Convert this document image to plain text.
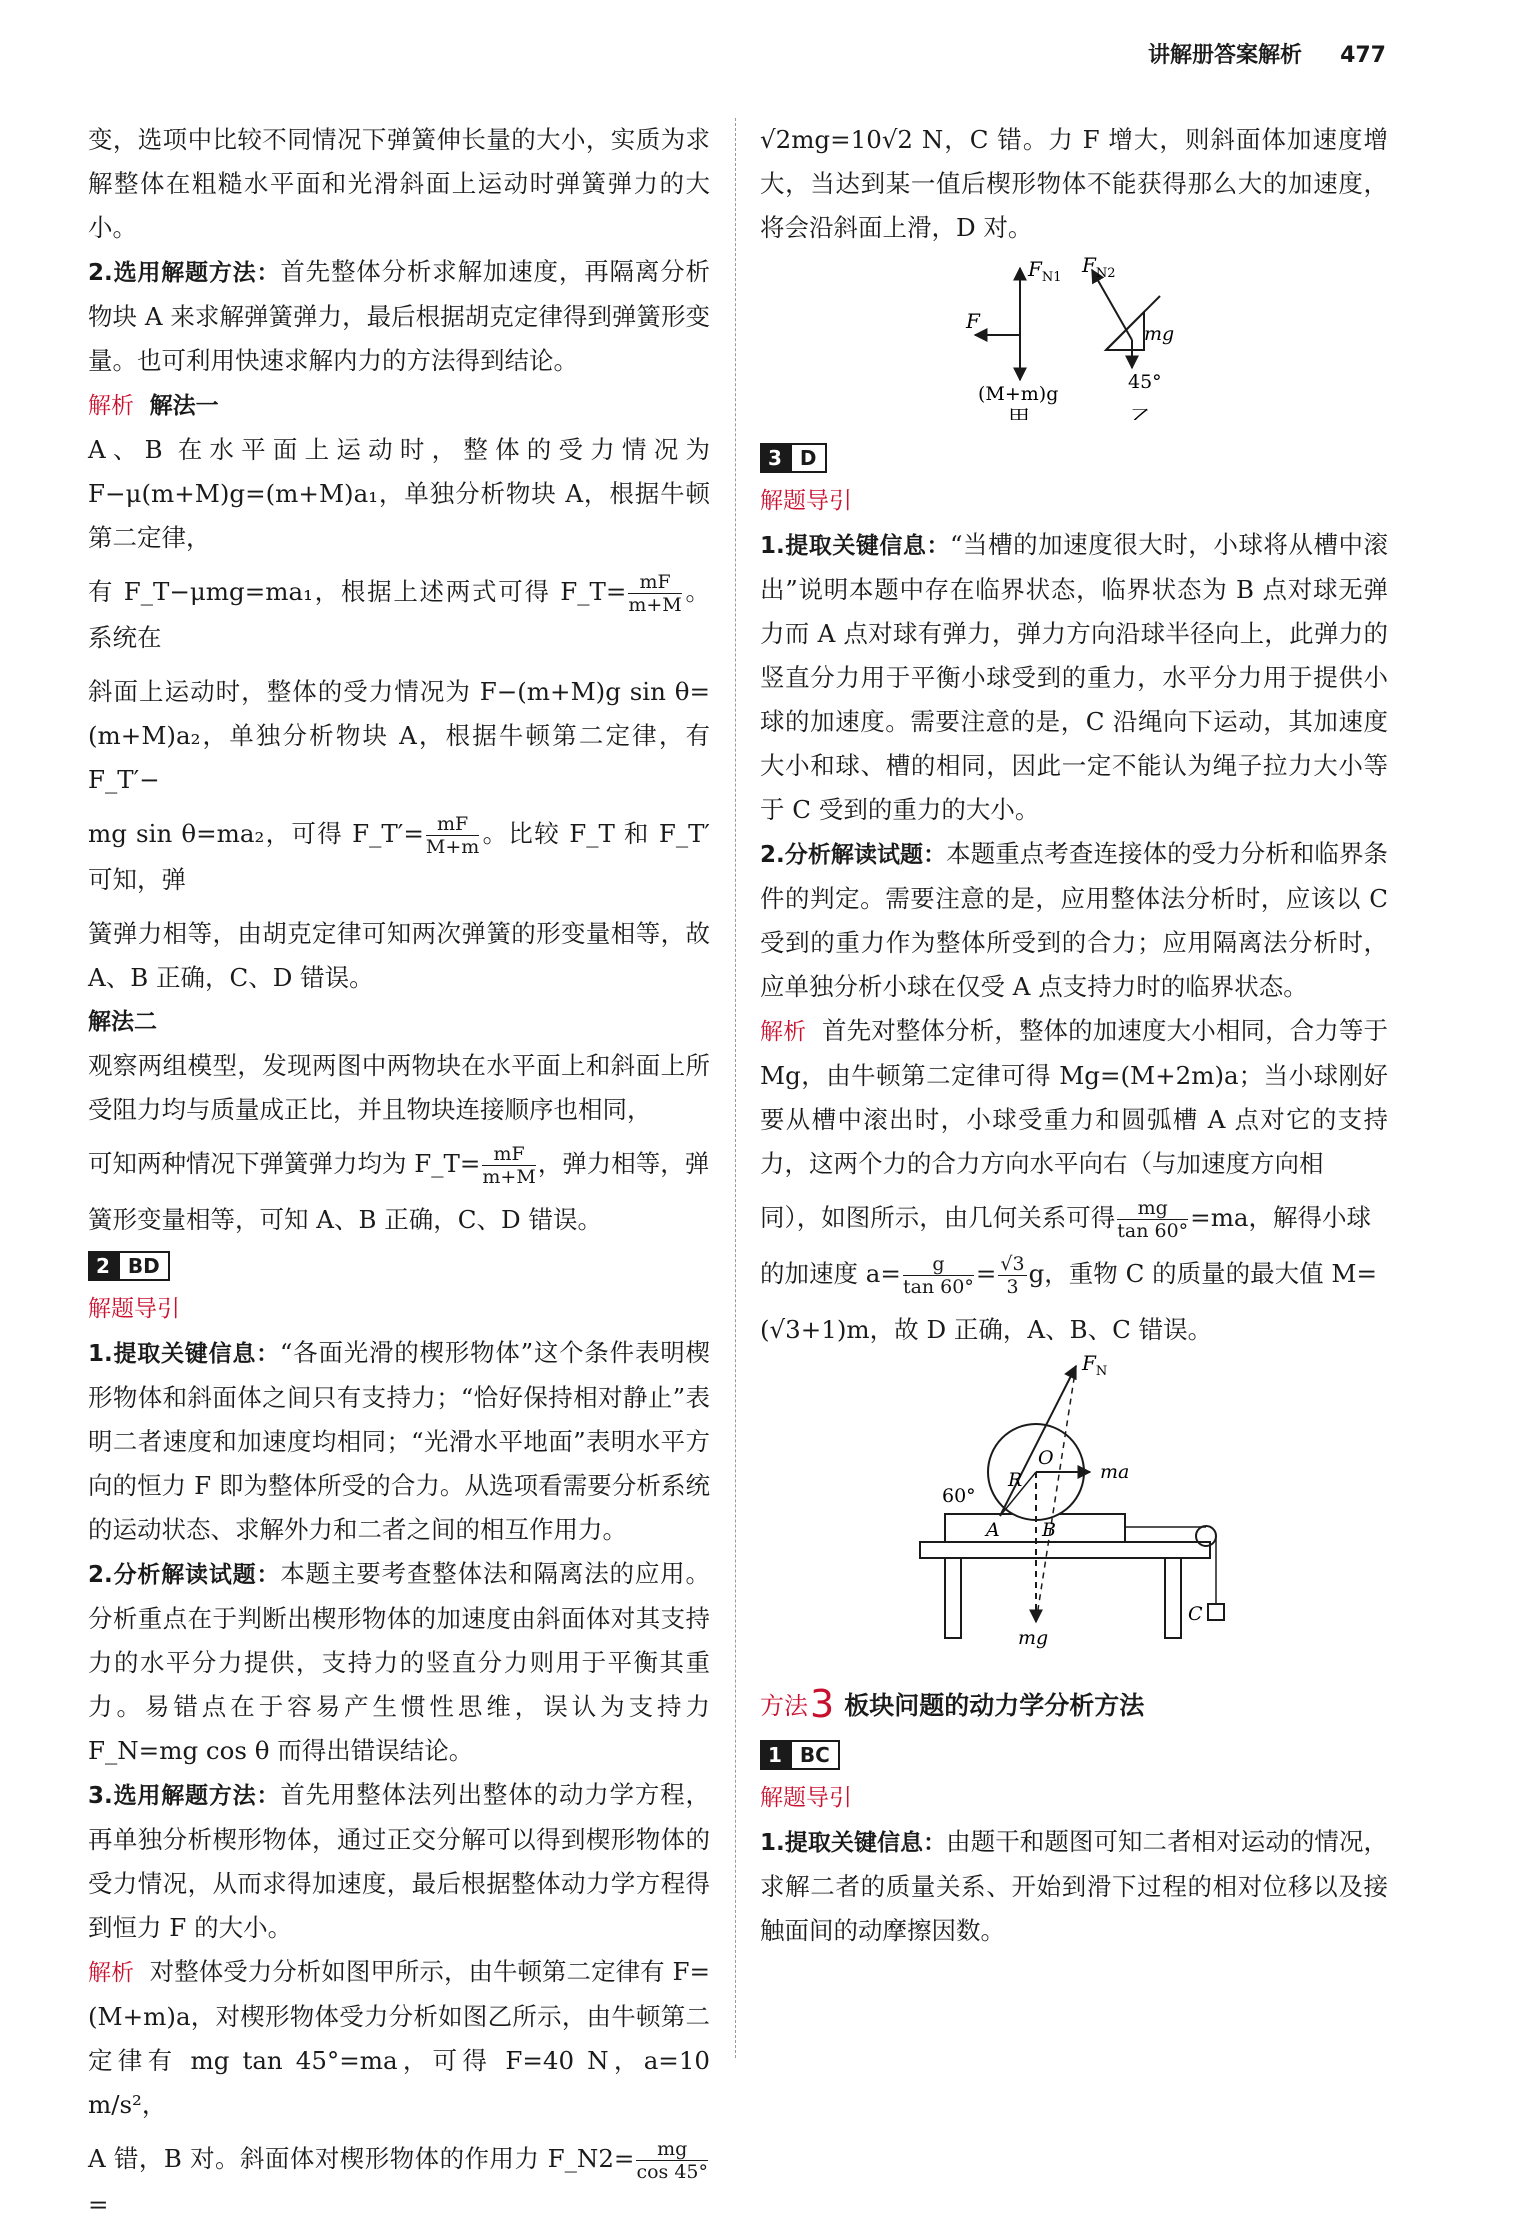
讲解册答案解析 477

变，选项中比较不同情况下弹簧伸长量的大小，实质为求解整体在粗糙水平面和光滑斜面上运动时弹簧弹力的大小。

2.选用解题方法：首先整体分析求解加速度，再隔离分析物块 A 来求解弹簧弹力，最后根据胡克定律得到弹簧形变量。也可利用快速求解内力的方法得到结论。

解析 解法一

A、B 在水平面上运动时，整体的受力情况为 F−μ(m+M)g=(m+M)a₁，单独分析物块 A，根据牛顿第二定律，

有 F_T−μmg=ma₁，根据上述两式可得 F_T= $\frac{mF}{m+M}$ 。系统在

斜面上运动时，整体的受力情况为 F−(m+M)g sin θ=(m+M)a₂，单独分析物块 A，根据牛顿第二定律，有 F_T′−

mg sin θ=ma₂，可得 F_T′= $\frac{mF}{M+m}$ 。比较 F_T 和 F_T′ 可知，弹

簧弹力相等，由胡克定律可知两次弹簧的形变量相等，故 A、B 正确，C、D 错误。

解法二

观察两组模型，发现两图中两物块在水平面上和斜面上所受阻力均与质量成正比，并且物块连接顺序也相同，

可知两种情况下弹簧弹力均为 F_T= $\frac{mF}{m+M}$ ，弹力相等，弹

簧形变量相等，可知 A、B 正确，C、D 错误。

2 BD

解题导引

1.提取关键信息：“各面光滑的楔形物体”这个条件表明楔形物体和斜面体之间只有支持力；“恰好保持相对静止”表明二者速度和加速度均相同；“光滑水平地面”表明水平方向的恒力 F 即为整体所受的合力。从选项看需要分析系统的运动状态、求解外力和二者之间的相互作用力。

2.分析解读试题：本题主要考查整体法和隔离法的应用。分析重点在于判断出楔形物体的加速度由斜面体对其支持力的水平分力提供，支持力的竖直分力则用于平衡其重力。易错点在于容易产生惯性思维，误认为支持力 F_N=mg cos θ 而得出错误结论。

3.选用解题方法：首先用整体法列出整体的动力学方程，再单独分析楔形物体，通过正交分解可以得到楔形物体的受力情况，从而求得加速度，最后根据整体动力学方程得到恒力 F 的大小。

解析 对整体受力分析如图甲所示，由牛顿第二定律有 F=(M+m)a，对楔形物体受力分析如图乙所示，由牛顿第二定律有 mg tan 45°=ma，可得 F=40 N，a=10 m/s²，

A 错，B 对。斜面体对楔形物体的作用力 F_N2= $\frac{mg}{\cos 45^\circ}$
=

√2mg=10√2 N，C 错。力 F 增大，则斜面体加速度增大，当达到某一值后楔形物体不能获得那么大的加速度，将会沿斜面上滑，D 对。

$F_{N1}$
F
(M+m)g
甲
$F_{N2}$
mg
45°
乙

3 D

解题导引

1.提取关键信息：“当槽的加速度很大时，小球将从槽中滚出”说明本题中存在临界状态，临界状态为 B 点对球无弹力而 A 点对球有弹力，弹力方向沿球半径向上，此弹力的竖直分力用于平衡小球受到的重力，水平分力用于提供小球的加速度。需要注意的是，C 沿绳向下运动，其加速度大小和球、槽的相同，因此一定不能认为绳子拉力大小等于 C 受到的重力的大小。

2.分析解读试题：本题重点考查连接体的受力分析和临界条件的判定。需要注意的是，应用整体法分析时，应该以 C 受到的重力作为整体所受到的合力；应用隔离法分析时，应单独分析小球在仅受 A 点支持力时的临界状态。

解析 首先对整体分析，整体的加速度大小相同，合力等于 Mg，由牛顿第二定律可得 Mg=(M+2m)a；当小球刚好要从槽中滚出时，小球受重力和圆弧槽 A 点对它的支持力，这两个力的合力方向水平向右（与加速度方向相

同），如图所示，由几何关系可得 $\frac{mg}{\tan 60^\circ} =ma$，解得小球

的加速度 $a= \frac{g}{\tan 60^\circ} = \frac{√3}{3}$ g，重物 C 的质量的最大值 M=

(√3+1)m，故 D 正确，A、B、C 错误。

$F_N$
O
R	ma
60°
A B
C
mg

方法3 板块问题的动力学分析方法

1 BC

解题导引

1.提取关键信息：由题干和题图可知二者相对运动的情况，求解二者的质量关系、开始到滑下过程的相对位移以及接触面间的动摩擦因数。
